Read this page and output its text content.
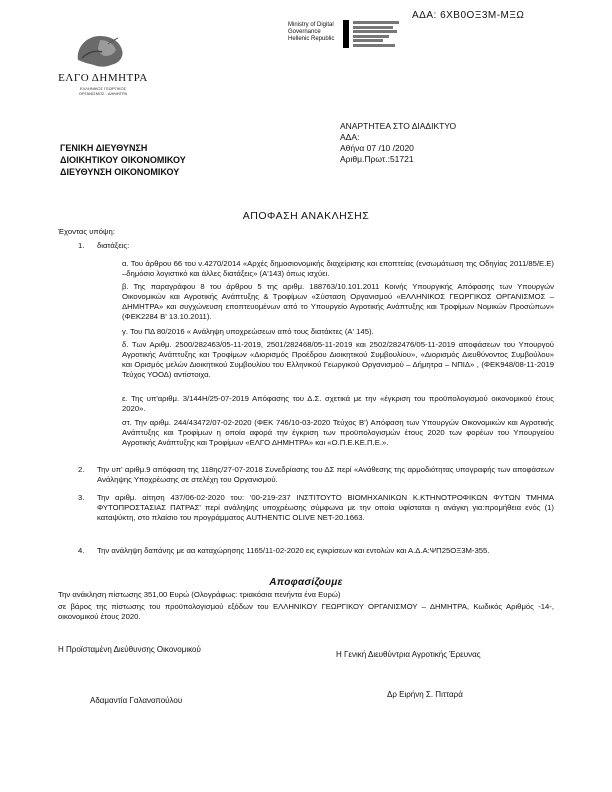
ΑΔΑ: 6ΧΒ0ΟΞ3Μ-ΜΞΩ
ΕΛΓΟ ΔΗΜΗΤΡΑ
ΕΛΛΗΝΙΚΟΣ ΓΕΩΡΓΙΚΟΣ
ΟΡΓΑΝΙΣΜΟΣ - ΔΗΜΗΤΡΑ
Ministry of Digital
Governance
Hellenic Republic
ΑΝΑΡΤΗΤΕΑ ΣΤΟ ΔΙΑΔΙΚΤΥΟ
ΑΔΑ:
Αθήνα 07 /10 /2020
Αριθμ.Πρωτ.:51721
ΓΕΝΙΚΗ ΔΙΕΥΘΥΝΣΗ
ΔΙΟΙΚΗΤΙΚΟΥ ΟΙΚΟΝΟΜΙΚΟΥ
ΔΙΕΥΘΥΝΣΗ ΟΙΚΟΝΟΜΙΚΟΥ
ΑΠΟΦΑΣΗ ΑΝΑΚΛΗΣΗΣ
Έχοντας υπόψη:
1. διατάξεις:
α. Του άρθρου 66 του ν.4270/2014 «Αρχές δημοσιονομικής διαχείρισης και εποπτείας (ενσωμάτωση της Οδηγίας 2011/85/Ε.Ε) –δημόσιο λογιστικό και άλλες διατάξεις» (Α'143) όπως ισχύει.
β. Της παραγράφου 8 του άρθρου 5 της αριθμ. 188763/10.101.2011 Κοινής Υπουργικής Απόφασης των Υπουργών Οικονομικών και Αγροτικής Ανάπτυξης & Τροφίμων «Σύσταση Οργανισμού «ΕΛΛΗΝΙΚΟΣ ΓΕΩΡΓΙΚΟΣ ΟΡΓΑΝΙΣΜΟΣ – ΔΗΜΗΤΡΑ» και συγχώνευση εποπτευομένων από το Υπουργείο Αγροτικής Ανάπτυξης και Τροφίμων Νομικών Προσώπων» (ΦΕΚ2284 Β' 13.10.2011).
γ. Του ΠΔ 80/2016 « Ανάληψη υποχρεώσεων από τους διατάκτες (Α' 145).
δ. Των Αριθμ. 2500/282463/05-11-2019, 2501/282468/05-11-2019 και 2502/282476/05-11-2019 αποφάσεων του Υπουργού Αγροτικής Ανάπτυξης και Τροφίμων «Διορισμός Προέδρου Διοικητικού Συμβουλίου», «Διορισμός Διευθύνοντος Συμβούλου» και Ορισμός μελών Διοικητικού Συμβουλίου του Ελληνικού Γεωργικού Οργανισμού – Δήμητρα – ΝΠΙΔ» , (ΦΕΚ948/08-11-2019 Τεύχος ΥΟΟΔ) αντίστοιχα.
ε. Της υπ'αριθμ. 3/144Η/25-07-2019 Απόφασης του Δ.Σ. σχετικά με την «έγκριση του προϋπολογισμού οικονομικού έτους 2020».
στ. Την αριθμ. 244/43472/07-02-2020 (ΦΕΚ 746/10-03-2020 Τεύχος Β') Απόφαση των Υπουργών Οικονομικών και Αγροτικής Ανάπτυξης και Τροφίμων η οποία αφορά την έγκριση των προϋπολογισμών έτους 2020 των φορέων του Υπουργείου Αγροτικής Ανάπτυξης και Τροφίμων «ΕΛΓΟ ΔΗΜΗΤΡΑ» και «Ο.Π.Ε.ΚΕ.Π.Ε.».
2. Την υπ' αριθμ.9 απόφαση της 118ης/27-07-2018 Συνεδρίασης του ΔΣ περί «Ανάθεσης της αρμοδιότητας υπογραφής των αποφάσεων Ανάληψης Υποχρέωσης σε στελέχη του Οργανισμού.
3. Την αριθμ. αίτηση 437/06-02-2020 του: '00-219-237 ΙΝΣΤΙΤΟΥΤΟ ΒΙΟΜΗΧΑΝΙΚΩΝ Κ.ΚΤΗΝΟΤΡΟΦΙΚΩΝ ΦΥΤΩΝ ΤΜΗΜΑ ΦΥΤΟΠΡΟΣΤΑΣΙΑΣ ΠΑΤΡΑΣ' περί ανάληψης υποχρέωσης σύμφωνα με την οποία υφίσταται η ανάγκη για:προμήθεια ενός (1) καταψύκτη, στο πλαίσιο του προγράμματος AUTHENTIC OLIVE NET-20.1663.
4. Την ανάληψη δαπάνης με αα καταχώρησης 1165/11-02-2020 εις εγκρίσεων και εντολών και Α.Δ.Α:ΨΠ25ΟΞ3Μ-355.
Αποφασίζουμε
Την ανάκληση πίστωσης 351,00 Ευρώ (Ολογράφως: τριακόσια πενήντα ένα Ευρώ)
σε βάρος της πίστωσης του προϋπολογισμού εξόδων του ΕΛΛΗΝΙΚΟΥ ΓΕΩΡΓΙΚΟΥ ΟΡΓΑΝΙΣΜΟΥ – ΔΗΜΗΤΡΑ, Κωδικός Αριθμός -14-, οικονομικού έτους 2020.
Η Προϊσταμένη Διεύθυνσης Οικονομικού
Η Γενική Διευθύντρια Αγροτικής Έρευνας
Αδαμαντία Γαλανοπούλου
Δρ Ειρήνη Σ. Πιτταρά
